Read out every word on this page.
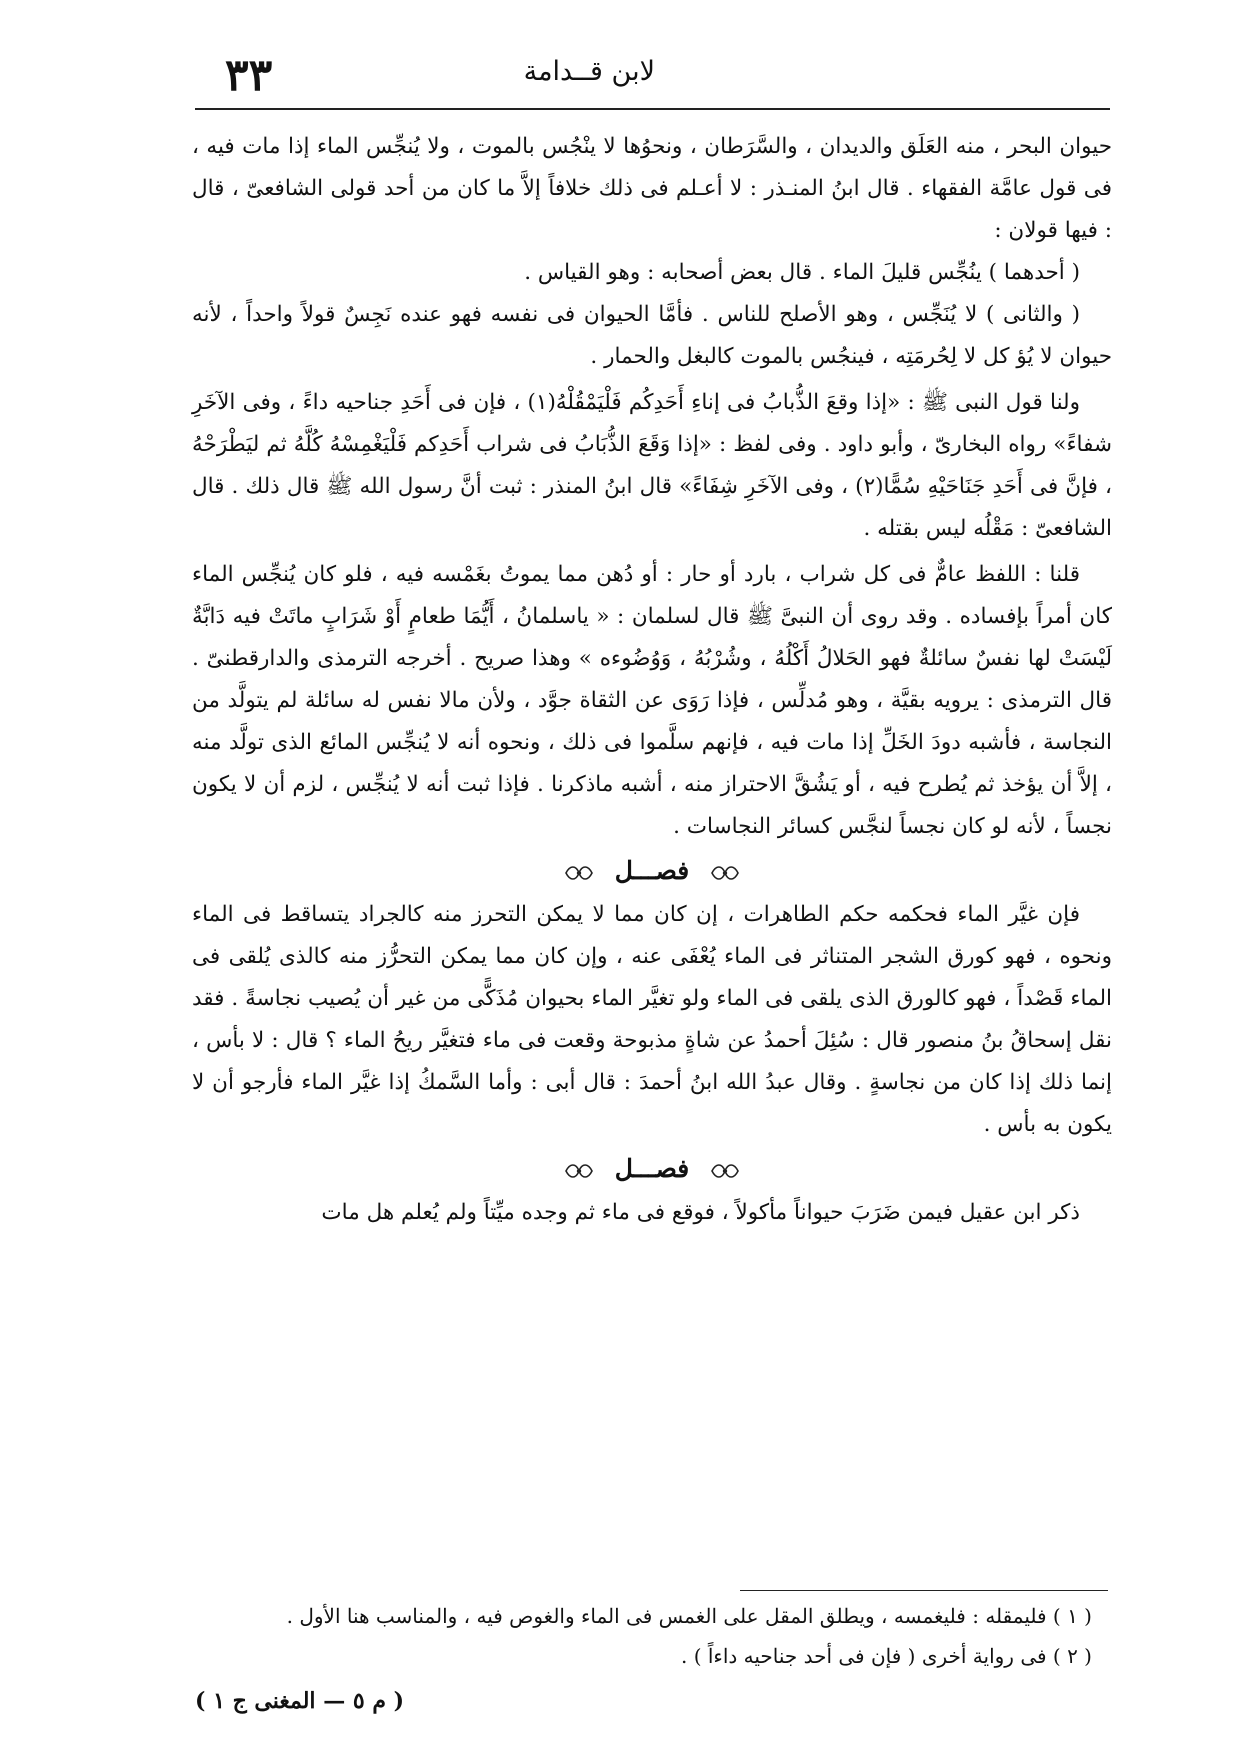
لابن قــدامة
٣٣

حيوان البحر ، منه العَلَق والديدان ، والسَّرَطان ، ونحوُها لا ينْجُس بالموت ، ولا يُنجِّس الماء إذا مات فيه ، فى قول عامَّة الفقهاء . قال ابنُ المنـذر : لا أعـلم فى ذلك خلافاً إلاَّ ما كان من أحد قولى الشافعىّ ، قال : فيها قولان :

( أحدهما ) ينُجِّس قليلَ الماء . قال بعض أصحابه : وهو القياس .

( والثانى ) لا يُنَجِّس ، وهو الأصلح للناس . فأمَّا الحيوان فى نفسه فهو عنده نَجِسٌ قولاً واحداً ، لأنه حيوان لا يُؤ كل لا لِحُرمَتِه ، فينجُس بالموت كالبغل والحمار .

ولنا قول النبى ﷺ : «إذا وقعَ الذُّبابُ فى إناءِ أَحَدِكُم فَلْيَمْقُلْهُ(١) ، فإن فى أَحَدِ جناحيه داءً ، وفى الآخَرِ شفاءً» رواه البخارىّ ، وأبو داود . وفى لفظ : «إذا وَقَعَ الذُّبَابُ فى شراب أَحَدِكم فَلْيَغْمِسْهُ كُلَّهُ ثم ليَطْرَحْهُ ، فإنَّ فى أَحَدِ جَنَاحَيْهِ سُمًّا(٢) ، وفى الآخَرِ شِفَاءً» قال ابنُ المنذر : ثبت أنَّ رسول الله ﷺ قال ذلك . قال الشافعىّ : مَقْلُه ليس بقتله .

قلنا : اللفظ عامٌّ فى كل شراب ، بارد أو حار : أو دُهن مما يموتُ بغَمْسه فيه ، فلو كان يُنجِّس الماء كان أمراً بإفساده . وقد روى أن النبىَّ ﷺ قال لسلمان : « ياسلمانُ ، أَيُّمَا طعامٍ أَوْ شَرَابٍ ماتَتْ فيه دَابَّةٌ لَيْسَتْ لها نفسٌ سائلةٌ فهو الحَلالُ أَكْلُهُ ، وشُرْبُهُ ، وَوُضُوءه » وهذا صريح . أخرجه الترمذى والدارقطنىّ . قال الترمذى : يرويه بقيَّة ، وهو مُدلِّس ، فإذا رَوَى عن الثقاة جوَّد ، ولأن مالا نفس له سائلة لم يتولَّد من النجاسة ، فأشبه دودَ الخَلِّ إذا مات فيه ، فإنهم سلَّموا فى ذلك ، ونحوه أنه لا يُنجِّس المائع الذى تولَّد منه ، إلاَّ أن يؤخذ ثم يُطرح فيه ، أو يَشُقَّ الاحتراز منه ، أشبه ماذكرنا . فإذا ثبت أنه لا يُنجِّس ، لزم أن لا يكون نجساً ، لأنه لو كان نجساً لنجَّس كسائر النجاسات .

فصـــل

فإن غيَّر الماء فحكمه حكم الطاهرات ، إن كان مما لا يمكن التحرز منه كالجراد يتساقط فى الماء ونحوه ، فهو كورق الشجر المتناثر فى الماء يُعْفَى عنه ، وإن كان مما يمكن التحرُّز منه كالذى يُلقى فى الماء قَصْداً ، فهو كالورق الذى يلقى فى الماء ولو تغيَّر الماء بحيوان مُذَكًّى من غير أن يُصيب نجاسةً . فقد نقل إسحاقُ بنُ منصور قال : سُئِلَ أحمدُ عن شاةٍ مذبوحة وقعت فى ماء فتغيَّر ريحُ الماء ؟ قال : لا بأس ، إنما ذلك إذا كان من نجاسةٍ . وقال عبدُ الله ابنُ أحمدَ : قال أبى : وأما السَّمكُ إذا غيَّر الماء فأرجو أن لا يكون به بأس .

فصـــل

ذكر ابن عقيل فيمن ضَرَبَ حيواناً مأكولاً ، فوقع فى ماء ثم وجده ميِّتاً ولم يُعلم هل مات

( ١ ) فليمقله : فليغمسه ، ويطلق المقل على الغمس فى الماء والغوص فيه ، والمناسب هنا الأول .

( ٢ ) فى رواية أخرى ( فإن فى أحد جناحيه داءاً ) .

( م ٥ — المغنى ج ١ )
